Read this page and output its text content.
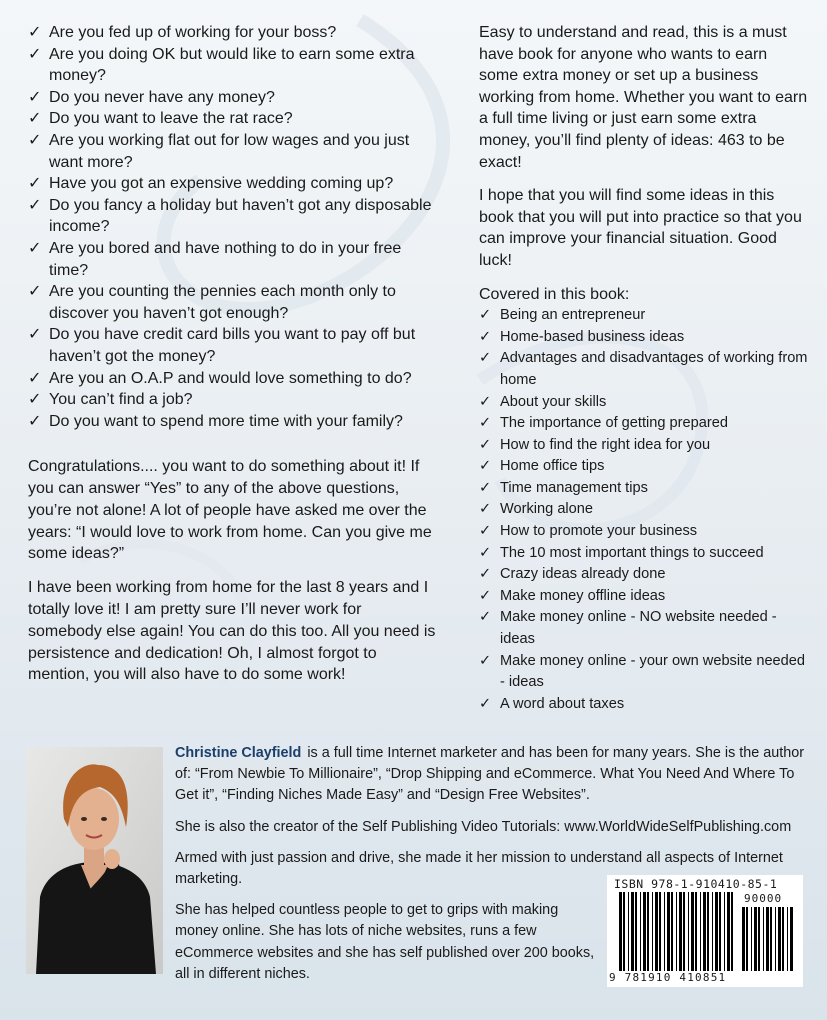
✓ Are you fed up of working for your boss?
✓ Are you doing OK but would like to earn some extra money?
✓ Do you never have any money?
✓ Do you want to leave the rat race?
✓ Are you working flat out for low wages and you just want more?
✓ Have you got an expensive wedding coming up?
✓ Do you fancy a holiday but haven’t got any disposable income?
✓ Are you bored and have nothing to do in your free time?
✓ Are you counting the pennies each month only to discover you haven’t got enough?
✓ Do you have credit card bills you want to pay off but haven’t got the money?
✓ Are you an O.A.P and would love something to do?
✓ You can’t find a job?
✓ Do you want to spend more time with your family?

Congratulations.... you want to do something about it! If you can answer “Yes” to any of the above questions, you’re not alone! A lot of people have asked me over the years: “I would love to work from home. Can you give me some ideas?”

I have been working from home for the last 8 years and I totally love it! I am pretty sure I’ll never work for somebody else again! You can do this too. All you need is persistence and dedication! Oh, I almost forgot to mention, you will also have to do some work!

Easy to understand and read, this is a must have book for anyone who wants to earn some extra money or set up a business working from home. Whether you want to earn a full time living or just earn some extra money, you’ll find plenty of ideas: 463 to be exact!

I hope that you will find some ideas in this book that you will put into practice so that you can improve your financial situation. Good luck!

Covered in this book:

✓ Being an entrepreneur
✓ Home-based business ideas
✓ Advantages and disadvantages of working from home
✓ About your skills
✓ The importance of getting prepared
✓ How to find the right idea for you
✓ Home office tips
✓ Time management tips
✓ Working alone
✓ How to promote your business
✓ The 10 most important things to succeed
✓ Crazy ideas already done
✓ Make money offline ideas
✓ Make money online - NO website needed - ideas
✓ Make money online - your own website needed - ideas
✓ A word about taxes

Christine Clayfield is a full time Internet marketer and has been for many years. She is the author of: “From Newbie To Millionaire”, “Drop Shipping and eCommerce. What You Need And Where To Get it”, “Finding Niches Made Easy” and “Design Free Websites”.

She is also the creator of the Self Publishing Video Tutorials: www.WorldWideSelfPublishing.com

Armed with just passion and drive, she made it her mission to understand all aspects of Internet marketing.

She has helped countless people to get to grips with making money online. She has lots of niche websites, runs a few eCommerce websites and she has self published over 200 books, all in different niches.

ISBN 978-1-910410-85-1
90000
9 781910 410851
